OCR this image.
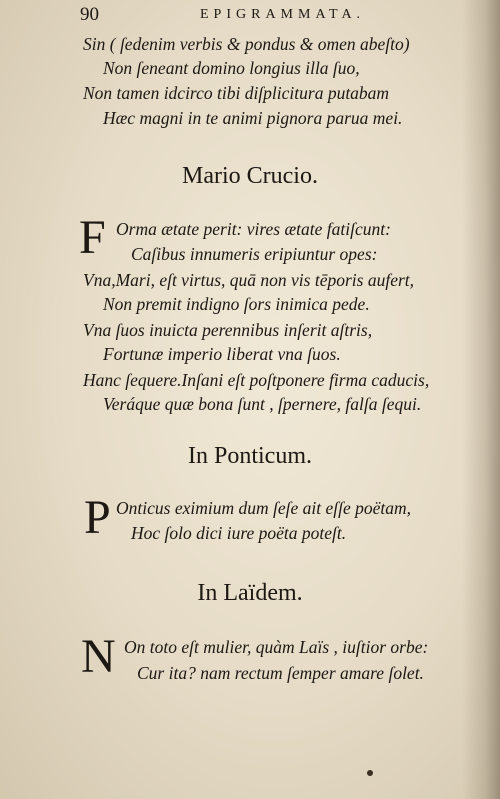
90	EPIGRAMMATA.
Sin ( ſedenim verbis & pondus & omen abeſto)
Non ſeneant domino longius illa ſuo,
Non tamen idcirco tibi diſplicitura putabam
Hæc magni in te animi pignora parua mei.
Mario Crucio.
F Orma ætate perit: vires ætate fatiſcunt:
Caſibus innumeris eripiuntur opes:
Vna,Mari, eſt virtus, quā non vis tēporis aufert,
Non premit indigno ſors inimica pede.
Vna ſuos inuicta perennibus inſerit aſtris,
Fortunæ imperio liberat vna ſuos.
Hanc ſequere.Inſani eſt poſtponere firma caducis,
Veráque quæ bona ſunt , ſpernere, falſa ſequi.
In Ponticum.
P Onticus eximium dum ſeſe ait eſſe poëtam,
Hoc ſolo dici iure poëta poteſt.
In Laïdem.
N On toto eſt mulier, quàm Laïs , iuſtior orbe:
Cur ita? nam rectum ſemper amare ſolet.
